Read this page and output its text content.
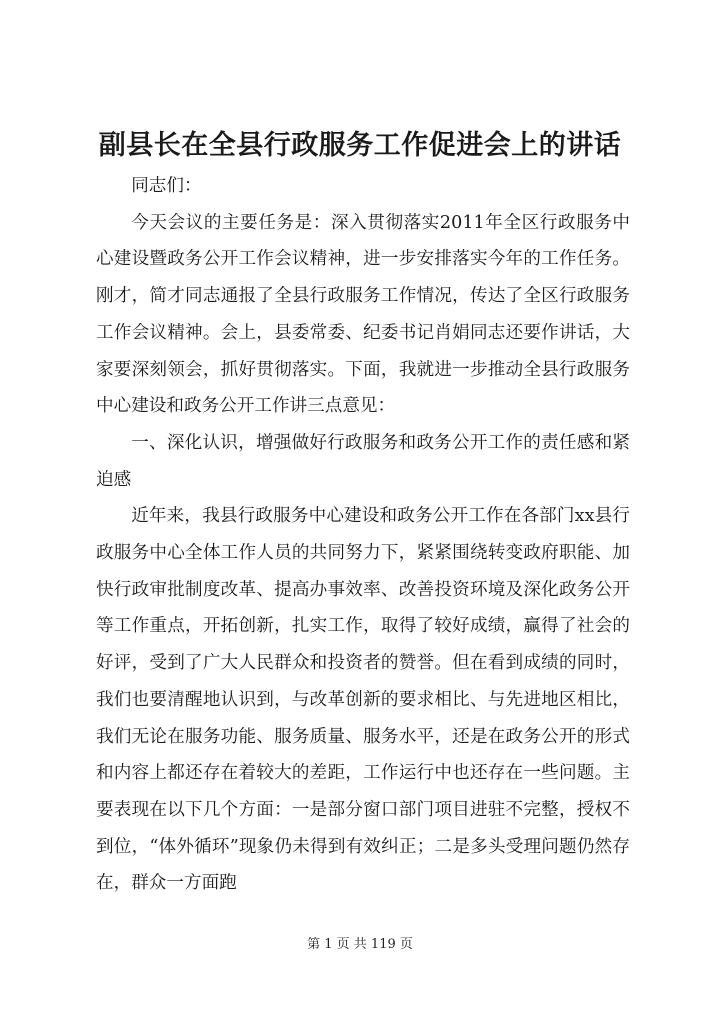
副县长在全县行政服务工作促进会上的讲话

同志们：

今天会议的主要任务是：深入贯彻落实2011年全区行政服务中心建设暨政务公开工作会议精神，进一步安排落实今年的工作任务。刚才，简才同志通报了全县行政服务工作情况，传达了全区行政服务工作会议精神。会上，县委常委、纪委书记肖娟同志还要作讲话，大家要深刻领会，抓好贯彻落实。下面，我就进一步推动全县行政服务中心建设和政务公开工作讲三点意见：

一、深化认识，增强做好行政服务和政务公开工作的责任感和紧迫感

近年来，我县行政服务中心建设和政务公开工作在各部门xx县行政服务中心全体工作人员的共同努力下，紧紧围绕转变政府职能、加快行政审批制度改革、提高办事效率、改善投资环境及深化政务公开等工作重点，开拓创新，扎实工作，取得了较好成绩，赢得了社会的好评，受到了广大人民群众和投资者的赞誉。但在看到成绩的同时，我们也要清醒地认识到，与改革创新的要求相比、与先进地区相比，我们无论在服务功能、服务质量、服务水平，还是在政务公开的形式和内容上都还存在着较大的差距，工作运行中也还存在一些问题。主要表现在以下几个方面：一是部分窗口部门项目进驻不完整，授权不到位，“体外循环”现象仍未得到有效纠正；二是多头受理问题仍然存在，群众一方面跑

第 1 页 共 119 页
